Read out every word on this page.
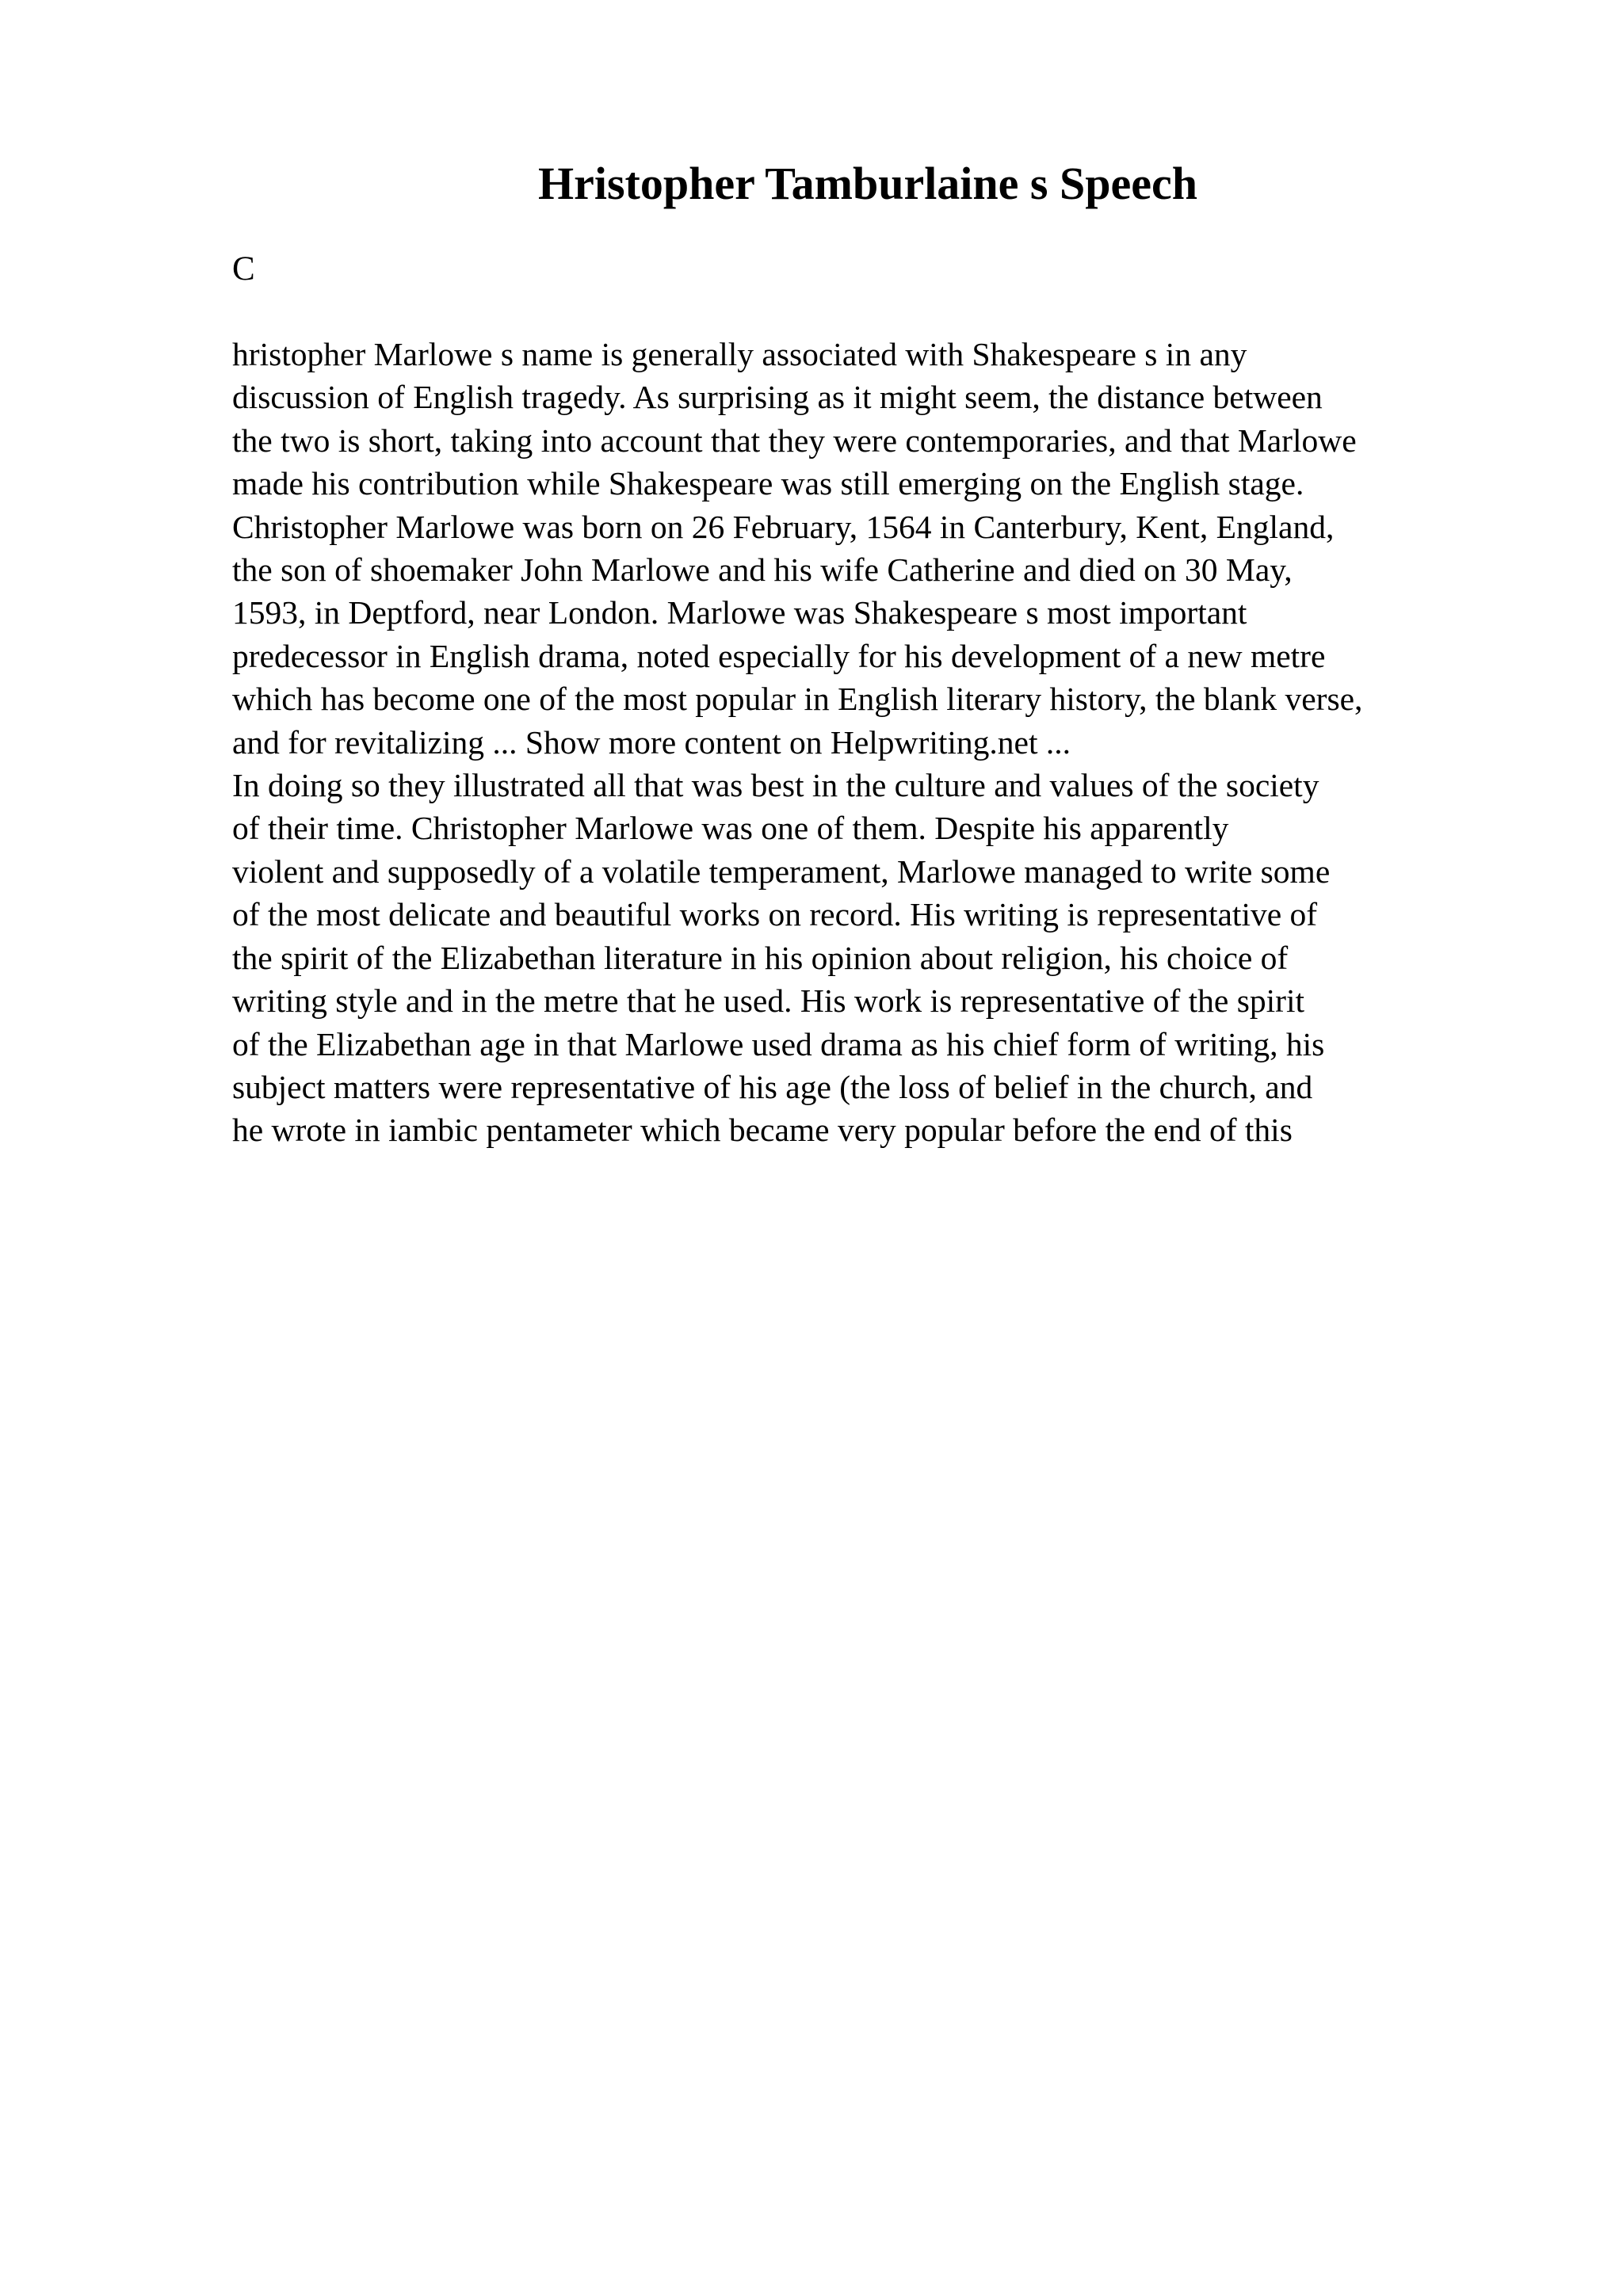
Hristopher Tamburlaine s Speech

C

hristopher Marlowe s name is generally associated with Shakespeare s in any
discussion of English tragedy. As surprising as it might seem, the distance between
the two is short, taking into account that they were contemporaries, and that Marlowe
made his contribution while Shakespeare was still emerging on the English stage.
Christopher Marlowe was born on 26 February, 1564 in Canterbury, Kent, England,
the son of shoemaker John Marlowe and his wife Catherine and died on 30 May,
1593, in Deptford, near London. Marlowe was Shakespeare s most important
predecessor in English drama, noted especially for his development of a new metre
which has become one of the most popular in English literary history, the blank verse,
and for revitalizing ... Show more content on Helpwriting.net ...
In doing so they illustrated all that was best in the culture and values of the society
of their time. Christopher Marlowe was one of them. Despite his apparently
violent and supposedly of a volatile temperament, Marlowe managed to write some
of the most delicate and beautiful works on record. His writing is representative of
the spirit of the Elizabethan literature in his opinion about religion, his choice of
writing style and in the metre that he used. His work is representative of the spirit
of the Elizabethan age in that Marlowe used drama as his chief form of writing, his
subject matters were representative of his age (the loss of belief in the church, and
he wrote in iambic pentameter which became very popular before the end of this
